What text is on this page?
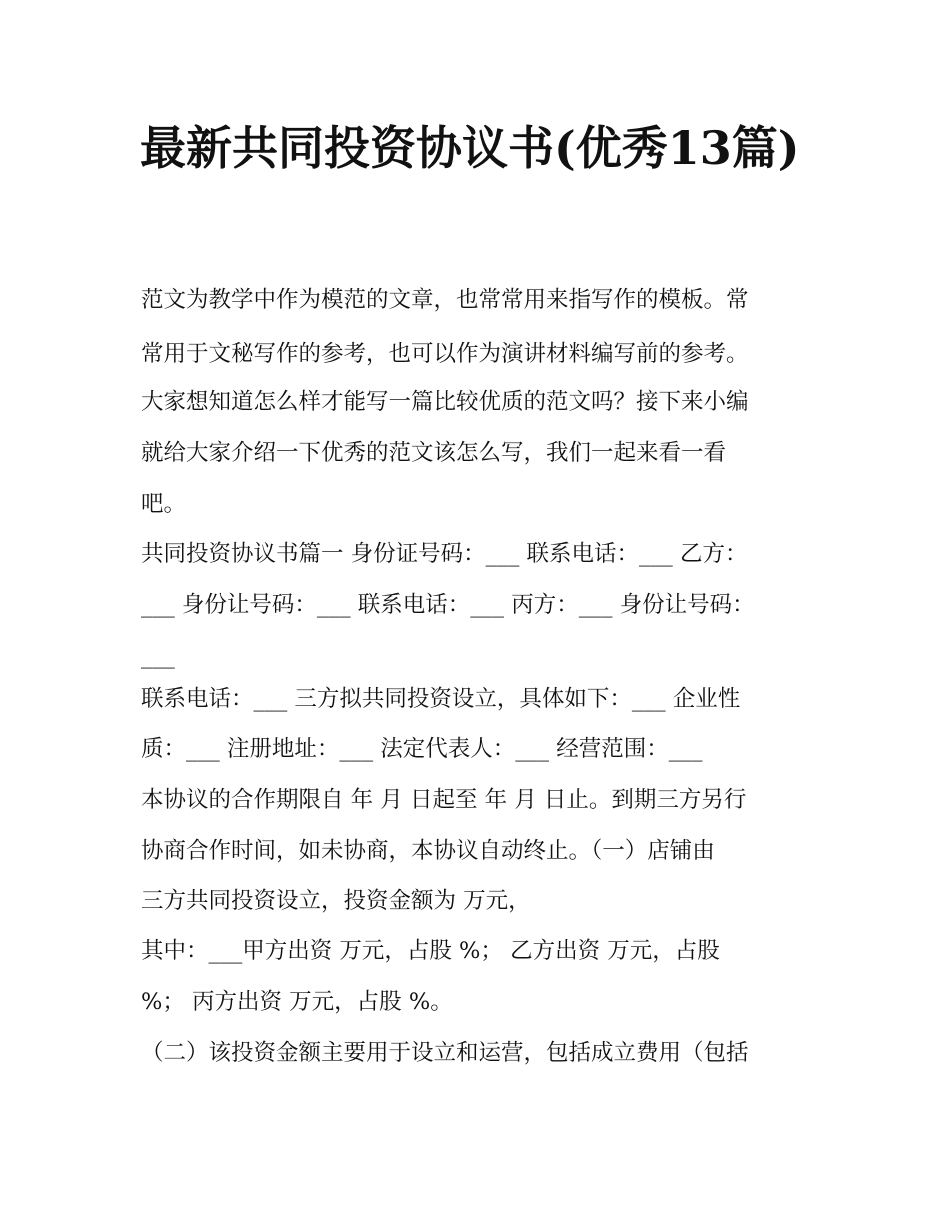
最新共同投资协议书(优秀13篇)
范文为教学中作为模范的文章，也常常用来指写作的模板。常
常用于文秘写作的参考，也可以作为演讲材料编写前的参考。
大家想知道怎么样才能写一篇比较优质的范文吗？接下来小编
就给大家介绍一下优秀的范文该怎么写，我们一起来看一看
吧。
共同投资协议书篇一 身份证号码：___ 联系电话：___ 乙方：
___ 身份让号码：___ 联系电话：___ 丙方：___ 身份让号码：
___
联系电话：___ 三方拟共同投资设立，具体如下：___ 企业性
质：___ 注册地址：___ 法定代表人：___ 经营范围：___
本协议的合作期限自 年 月 日起至 年 月 日止。到期三方另行
协商合作时间，如未协商，本协议自动终止。（一）店铺由
三方共同投资设立，投资金额为 万元，
其中：___甲方出资 万元，占股 %； 乙方出资 万元，占股
%； 丙方出资 万元，占股 %。
（二）该投资金额主要用于设立和运营，包括成立费用（包括
